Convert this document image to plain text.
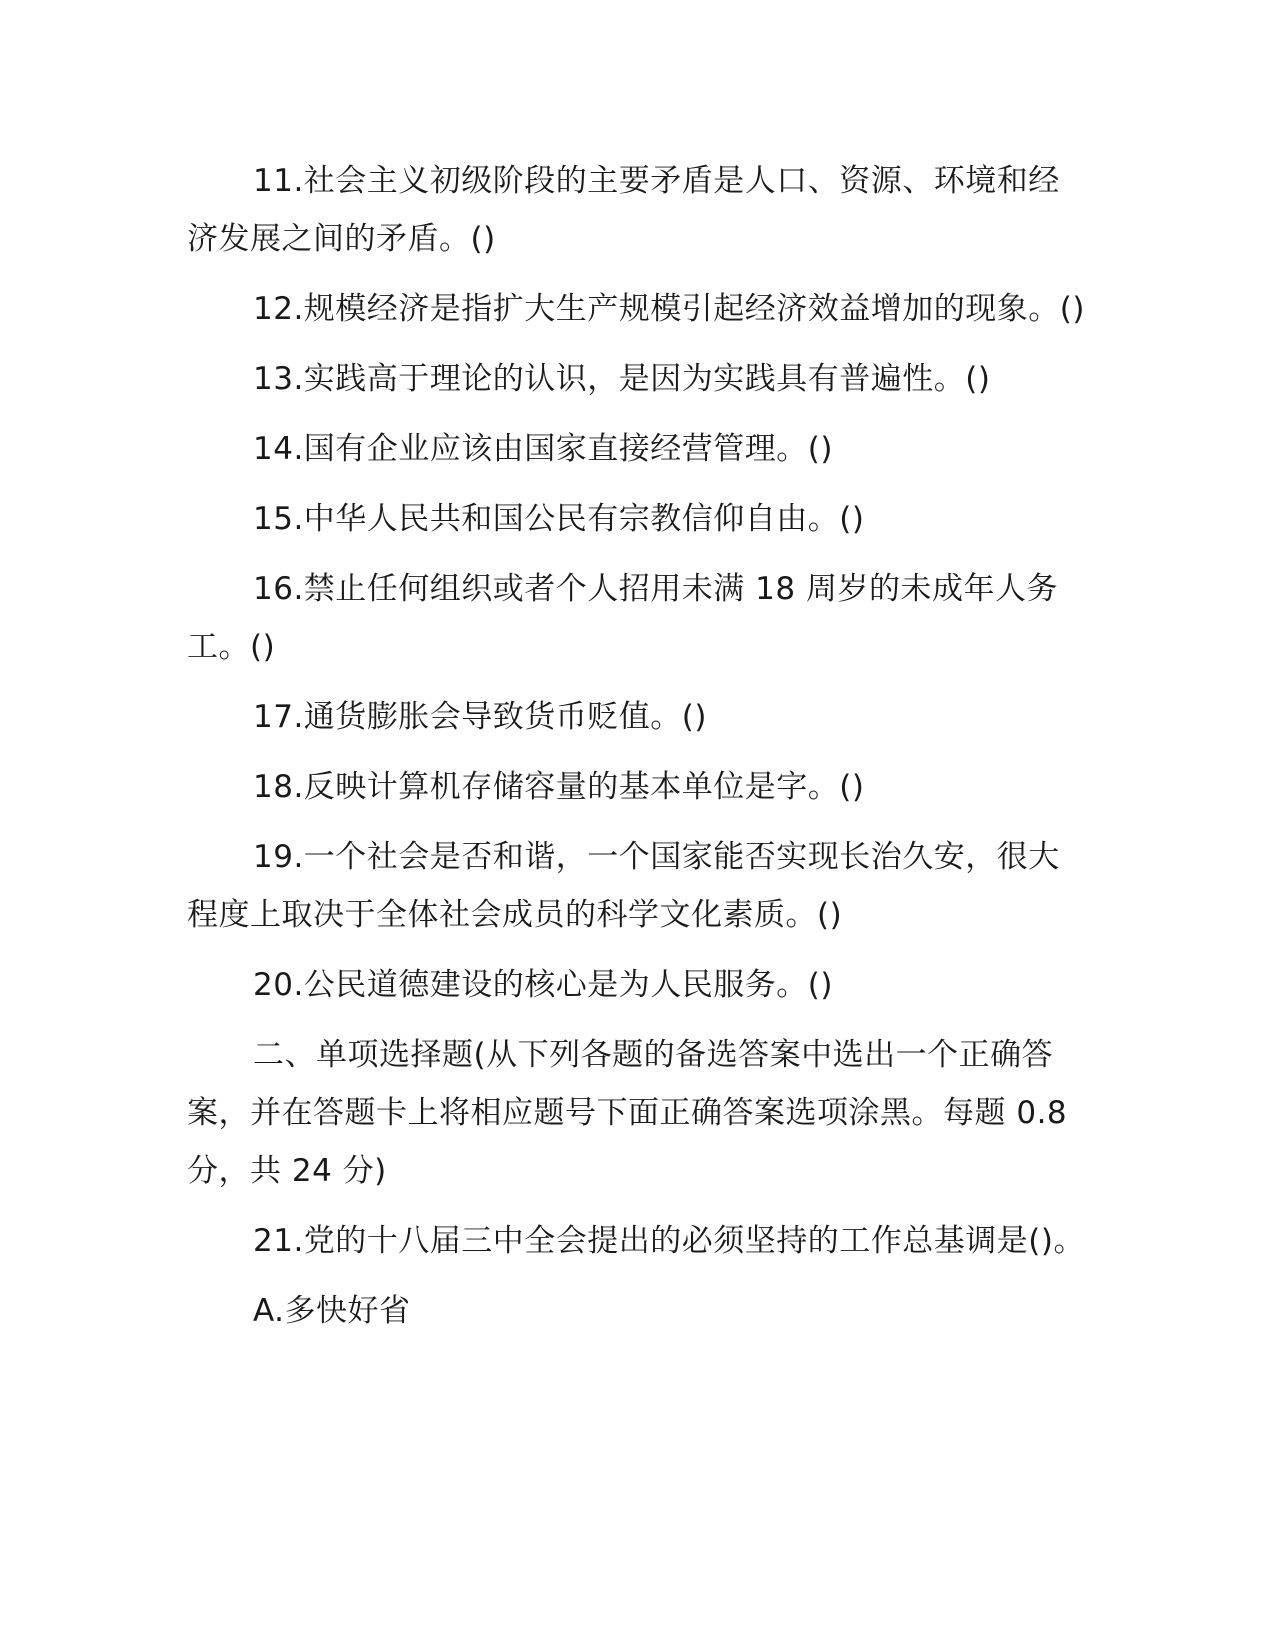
11.社会主义初级阶段的主要矛盾是人口、资源、环境和经济发展之间的矛盾。()

12.规模经济是指扩大生产规模引起经济效益增加的现象。()

13.实践高于理论的认识，是因为实践具有普遍性。()

14.国有企业应该由国家直接经营管理。()

15.中华人民共和国公民有宗教信仰自由。()

16.禁止任何组织或者个人招用未满 18 周岁的未成年人务工。()

17.通货膨胀会导致货币贬值。()

18.反映计算机存储容量的基本单位是字。()

19.一个社会是否和谐，一个国家能否实现长治久安，很大程度上取决于全体社会成员的科学文化素质。()

20.公民道德建设的核心是为人民服务。()

二、单项选择题(从下列各题的备选答案中选出一个正确答案，并在答题卡上将相应题号下面正确答案选项涂黑。每题 0.8 分，共 24 分)

21.党的十八届三中全会提出的必须坚持的工作总基调是()。

A.多快好省
